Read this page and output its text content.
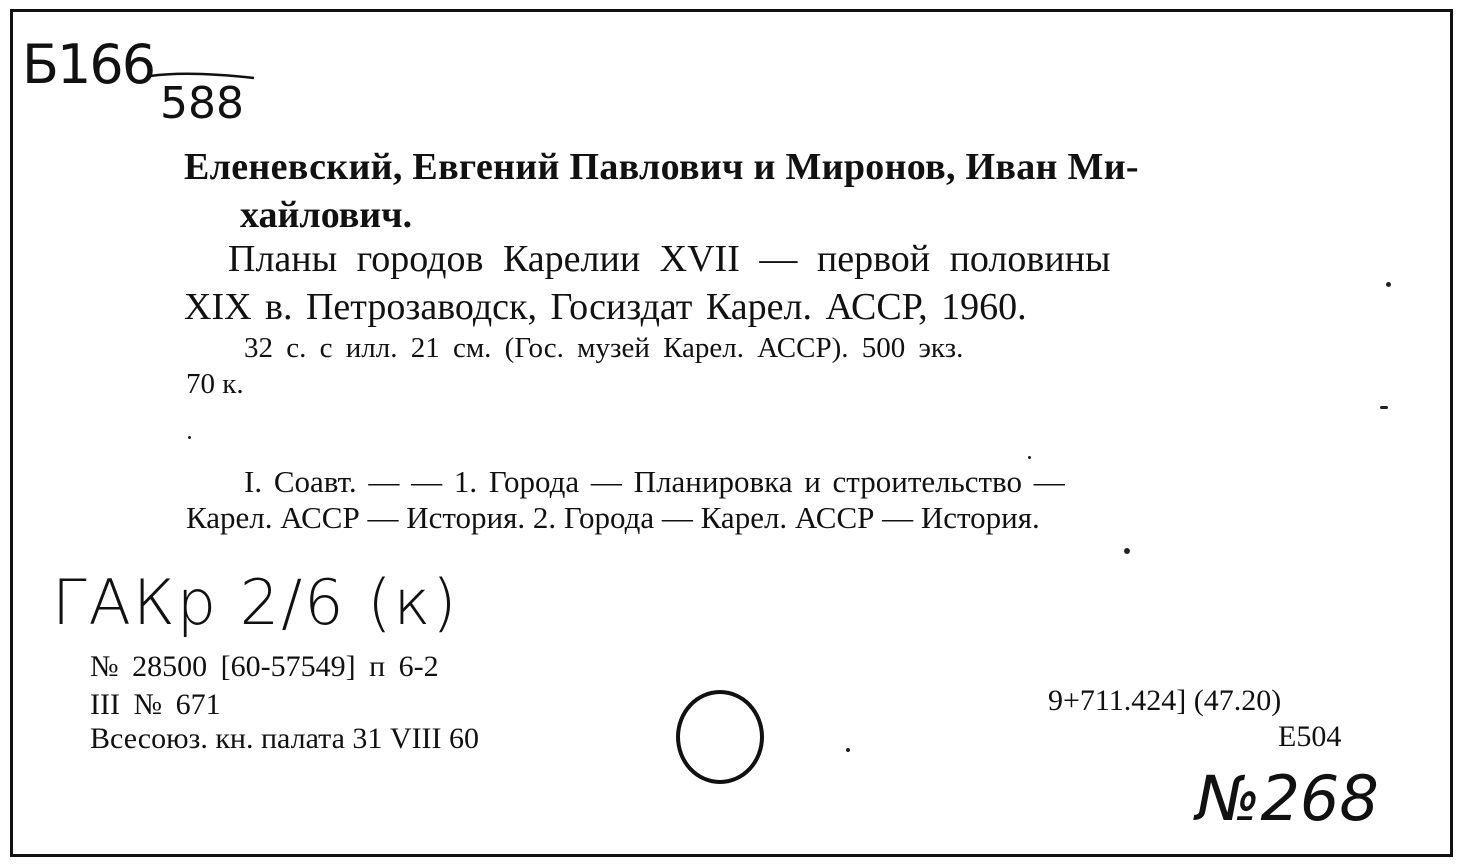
Б166
588
Еленевский, Евгений Павлович и Миронов, Иван Ми-
хайлович.
Планы городов Карелии XVII — первой половины
XIX в. Петрозаводск, Госиздат Карел. АССР, 1960.
32 с. с илл. 21 см. (Гос. музей Карел. АССР). 500 экз.
70 к.
I. Соавт. — — 1. Города — Планировка и строительство —
Карел. АССР — История. 2. Города — Карел. АССР — История.
ГАКр 2/6 (к)
№ 28500 [60-57549] п 6-2
III № 671
Всесоюз. кн. палата 31 VIII 60
9+711.424] (47.20)
Е504
№268
